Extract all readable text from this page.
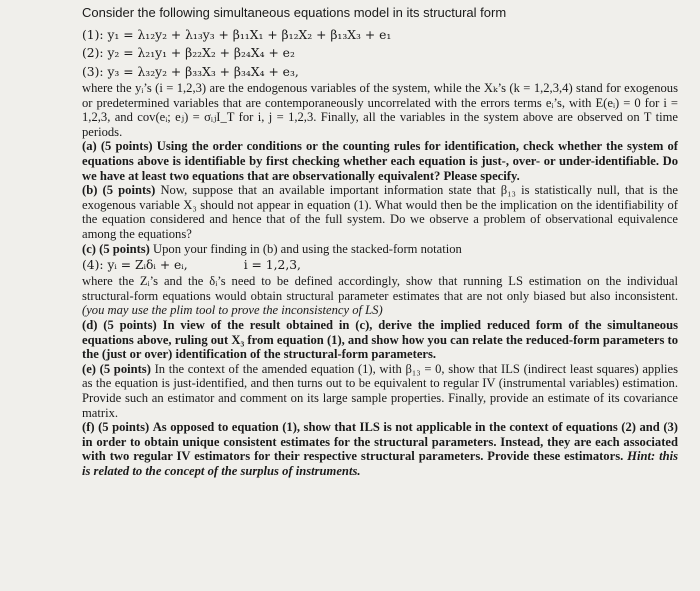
Consider the following simultaneous equations model in its structural form

(1): y₁ = λ₁₂y₂ + λ₁₃y₃ + β₁₁X₁ + β₁₂X₂ + β₁₃X₃ + e₁

(2): y₂ = λ₂₁y₁ + β₂₂X₂ + β₂₄X₄ + e₂

(3): y₃ = λ₃₂y₂ + β₃₃X₃ + β₃₄X₄ + e₃,

where the yᵢ’s (i = 1,2,3) are the endogenous variables of the system, while the Xₖ’s (k = 1,2,3,4) stand for exogenous or predetermined variables that are contemporaneously uncorrelated with the errors terms eᵢ’s, with E(eᵢ) = 0 for i = 1,2,3, and cov(eᵢ; eⱼ) = σᵢⱼI_T for i, j = 1,2,3. Finally, all the variables in the system above are observed on T time periods.

(a) (5 points) Using the order conditions or the counting rules for identification, check whether the system of equations above is identifiable by first checking whether each equation is just-, over- or under-identifiable. Do we have at least two equations that are observationally equivalent? Please specify.

(b) (5 points) Now, suppose that an available important information state that β₁₃ is statistically null, that is the exogenous variable X₃ should not appear in equation (1). What would then be the implication on the identifiability of the equation considered and hence that of the full system. Do we observe a problem of observational equivalence among the equations?

(c) (5 points) Upon your finding in (b) and using the stacked-form notation

(4): yᵢ = Zᵢδᵢ + eᵢ,	i = 1,2,3,

where the Zᵢ’s and the δᵢ’s need to be defined accordingly, show that running LS estimation on the individual structural-form equations would obtain structural parameter estimates that are not only biased but also inconsistent. (you may use the plim tool to prove the inconsistency of LS)

(d) (5 points) In view of the result obtained in (c), derive the implied reduced form of the simultaneous equations above, ruling out X₃ from equation (1), and show how you can relate the reduced-form parameters to the (just or over) identification of the structural-form parameters.

(e) (5 points) In the context of the amended equation (1), with β₁₃ = 0, show that ILS (indirect least squares) applies as the equation is just-identified, and then turns out to be equivalent to regular IV (instrumental variables) estimation. Provide such an estimator and comment on its large sample properties. Finally, provide an estimate of its covariance matrix.

(f) (5 points) As opposed to equation (1), show that ILS is not applicable in the context of equations (2) and (3) in order to obtain unique consistent estimates for the structural parameters. Instead, they are each associated with two regular IV estimators for their respective structural parameters. Provide these estimators. Hint: this is related to the concept of the surplus of instruments.
